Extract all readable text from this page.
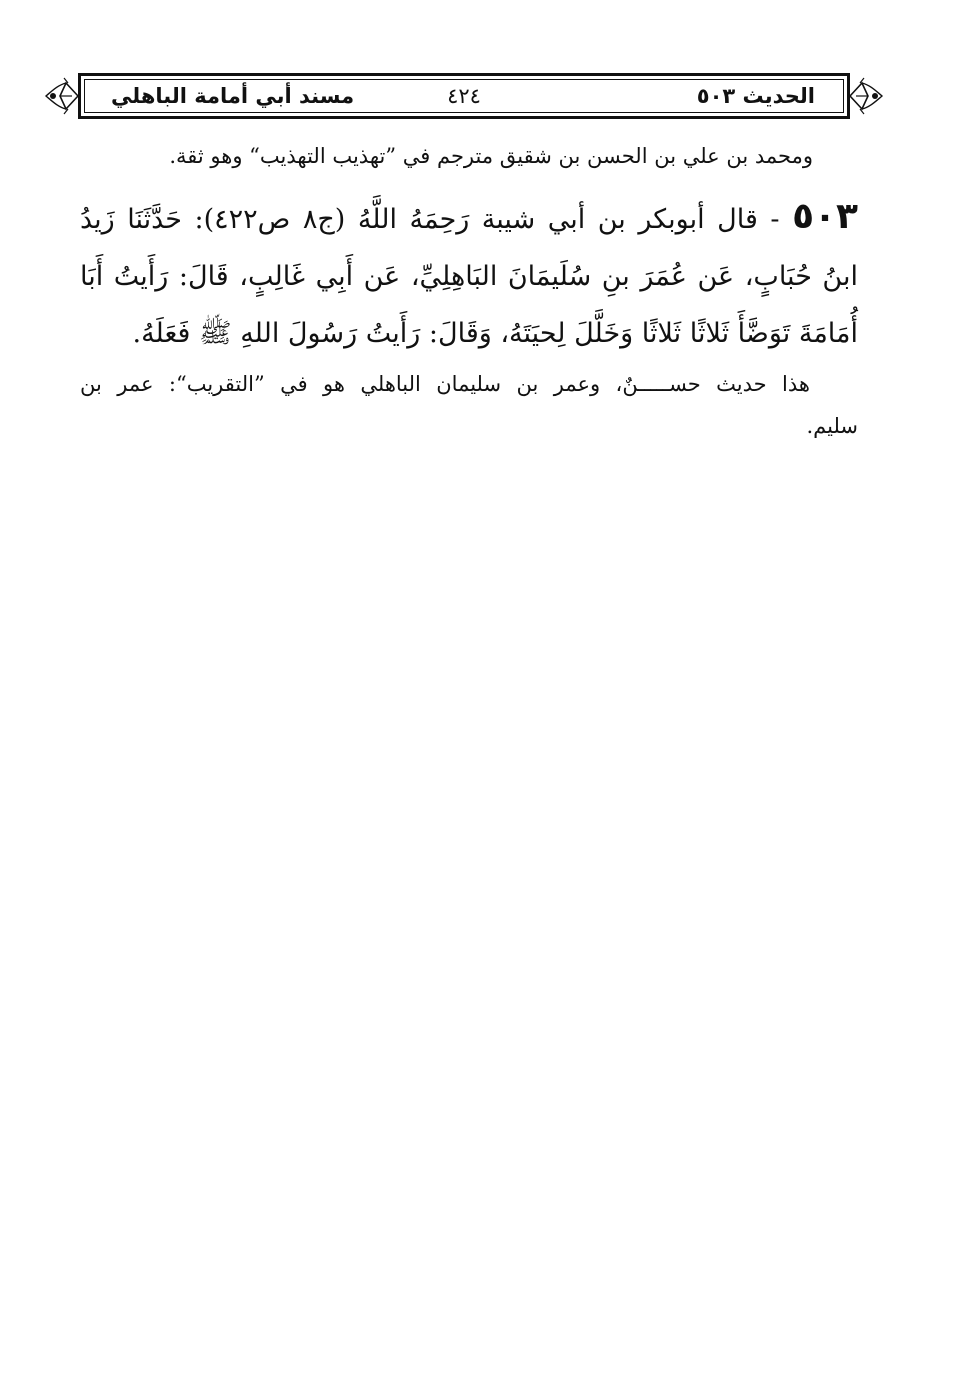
الحديث ٥٠٣
٤٢٤
مسند أبي أمامة الباهلي
ومحمد بن علي بن الحسن بن شقيق مترجم في ”تهذيب التهذيب“ وهو ثقة.
٥٠٣ - قال أبوبكر بن أبي شيبة رَحِمَهُ اللَّهُ (ج٨ ص٤٢٢): حَدَّثَنَا زَيدُ
ابنُ حُبَابٍ، عَن عُمَرَ بنِ سُلَيمَانَ البَاهِلِيِّ، عَن أَبِي غَالِبٍ، قَالَ: رَأَيتُ أَبَا
أُمَامَةَ تَوَضَّأَ ثَلاثًا ثَلاثًا وَخَلَّلَ لِحيَتَهُ، وَقَالَ: رَأَيتُ رَسُولَ اللهِ ﷺ فَعَلَهُ.
هذا حديث حســـــنٌ، وعمر بن سليمان الباهلي هو في ”التقريب“: عمر بن
سليم.
